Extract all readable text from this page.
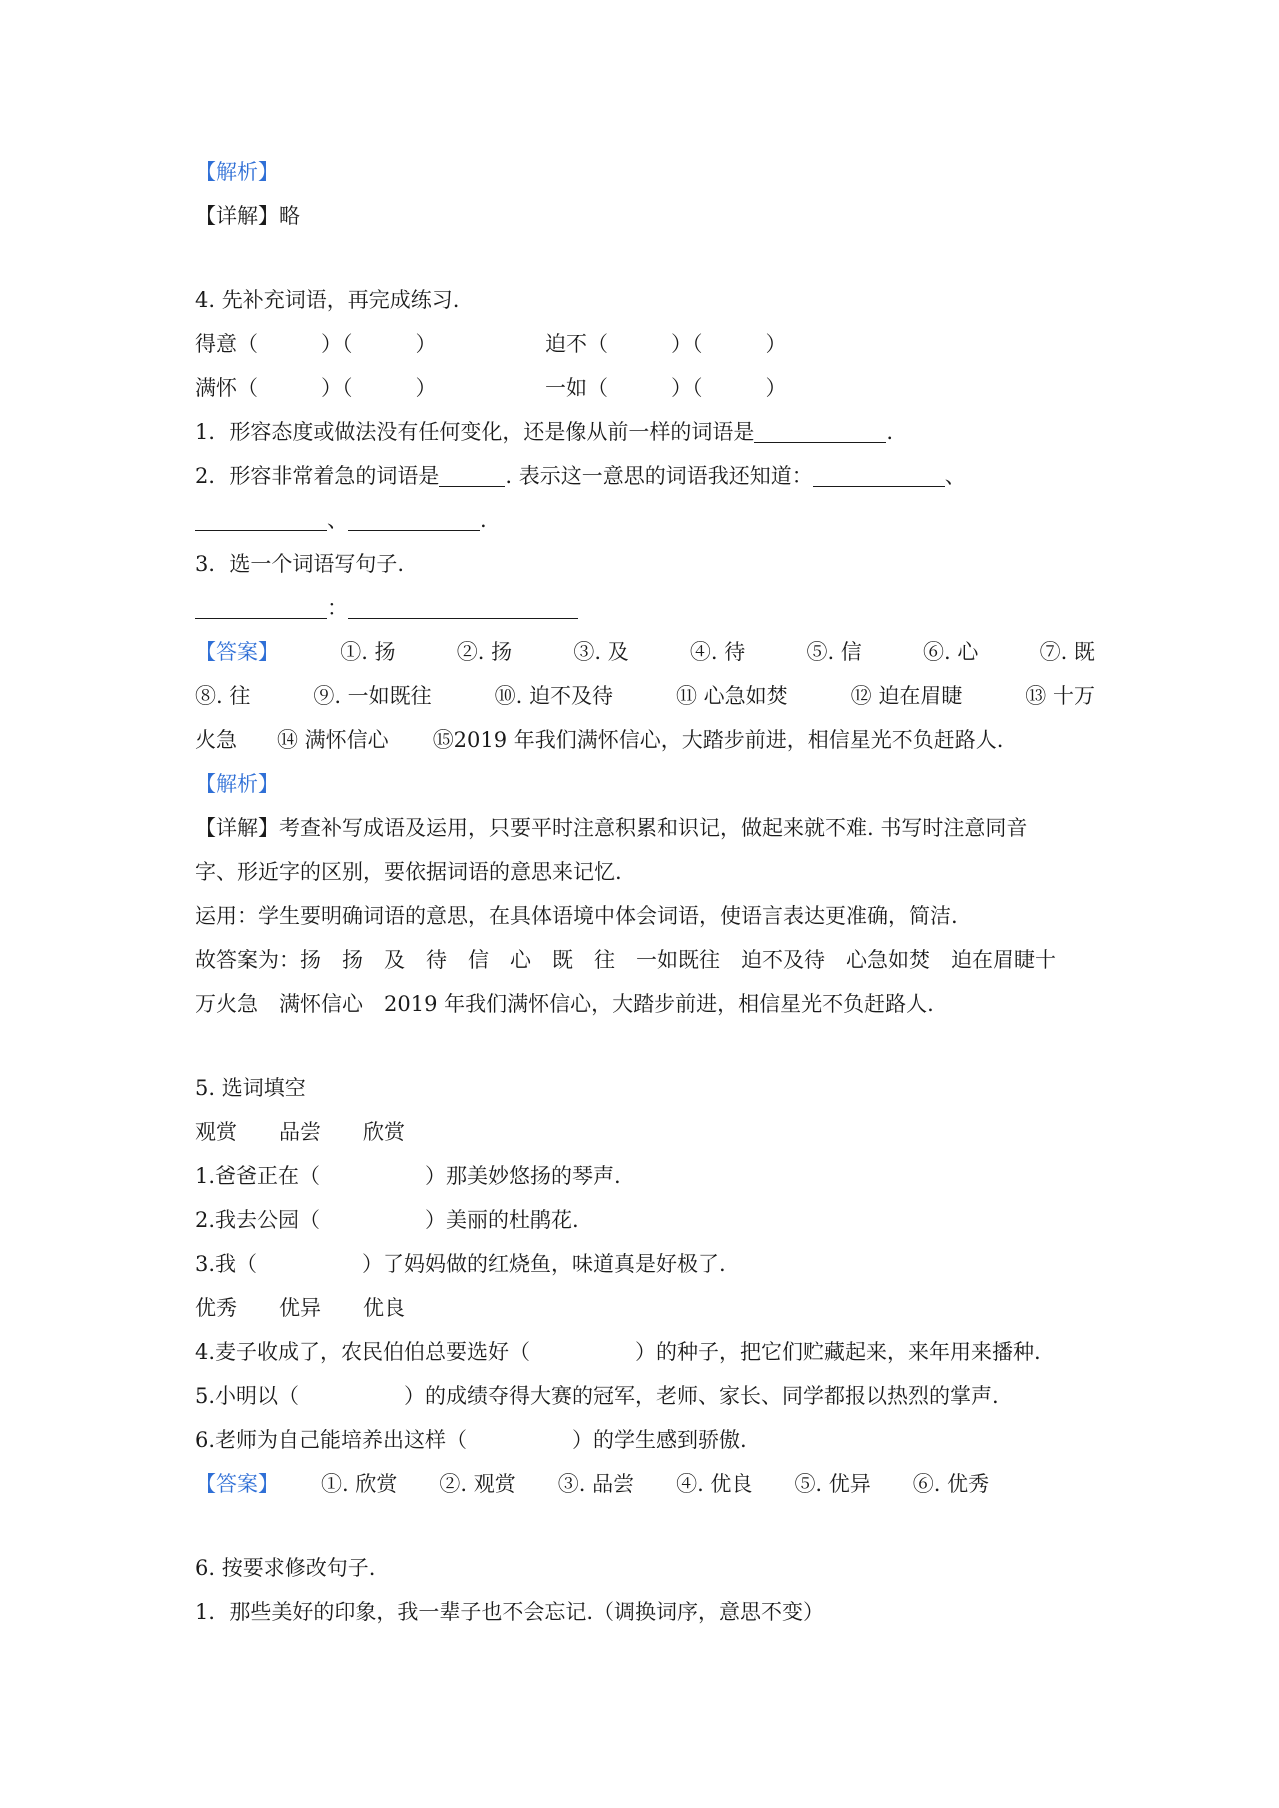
【解析】
【详解】略
4. 先补充词语，再完成练习.
得意（　　　）（　　　）	迫不（　　　）（　　　）
满怀（　　　）（　　　）	一如（　　　）（　　　）
1．形容态度或做法没有任何变化，还是像从前一样的词语是	.
2．形容非常着急的词语是	. 表示这一意思的词语我还知道：	、
、	.
3．选一个词语写句子.
：
【答案】	①. 扬	②. 扬	③. 及	④. 待	⑤. 信	⑥. 心	⑦. 既
⑧. 往	⑨. 一如既往	⑩. 迫不及待	⑪ 心急如焚	⑫ 迫在眉睫	⑬ 十万
火急 ⑭ 满怀信心 ⑮2019 年我们满怀信心，大踏步前进，相信星光不负赶路人.
【解析】
【详解】考查补写成语及运用，只要平时注意积累和识记，做起来就不难. 书写时注意同音
字、形近字的区别，要依据词语的意思来记忆.
运用：学生要明确词语的意思，在具体语境中体会词语，使语言表达更准确，简洁.
故答案为：扬　扬　及　待　信　心　既　往　一如既往　迫不及待　心急如焚　迫在眉睫十
万火急　满怀信心　2019 年我们满怀信心，大踏步前进，相信星光不负赶路人.
5. 选词填空
观赏　　品尝　　欣赏
1.爸爸正在（　　　　　）那美妙悠扬的琴声.
2.我去公园（　　　　　）美丽的杜鹃花.
3.我（　　　　　）了妈妈做的红烧鱼，味道真是好极了.
优秀　　优异　　优良
4.麦子收成了，农民伯伯总要选好（　　　　　）的种子，把它们贮藏起来，来年用来播种.
5.小明以（　　　　　）的成绩夺得大赛的冠军，老师、家长、同学都报以热烈的掌声.
6.老师为自己能培养出这样（　　　　　）的学生感到骄傲.
【答案】 ①. 欣赏 ②. 观赏 ③. 品尝 ④. 优良 ⑤. 优异 ⑥. 优秀
6. 按要求修改句子.
1．那些美好的印象，我一辈子也不会忘记.（调换词序，意思不变）
